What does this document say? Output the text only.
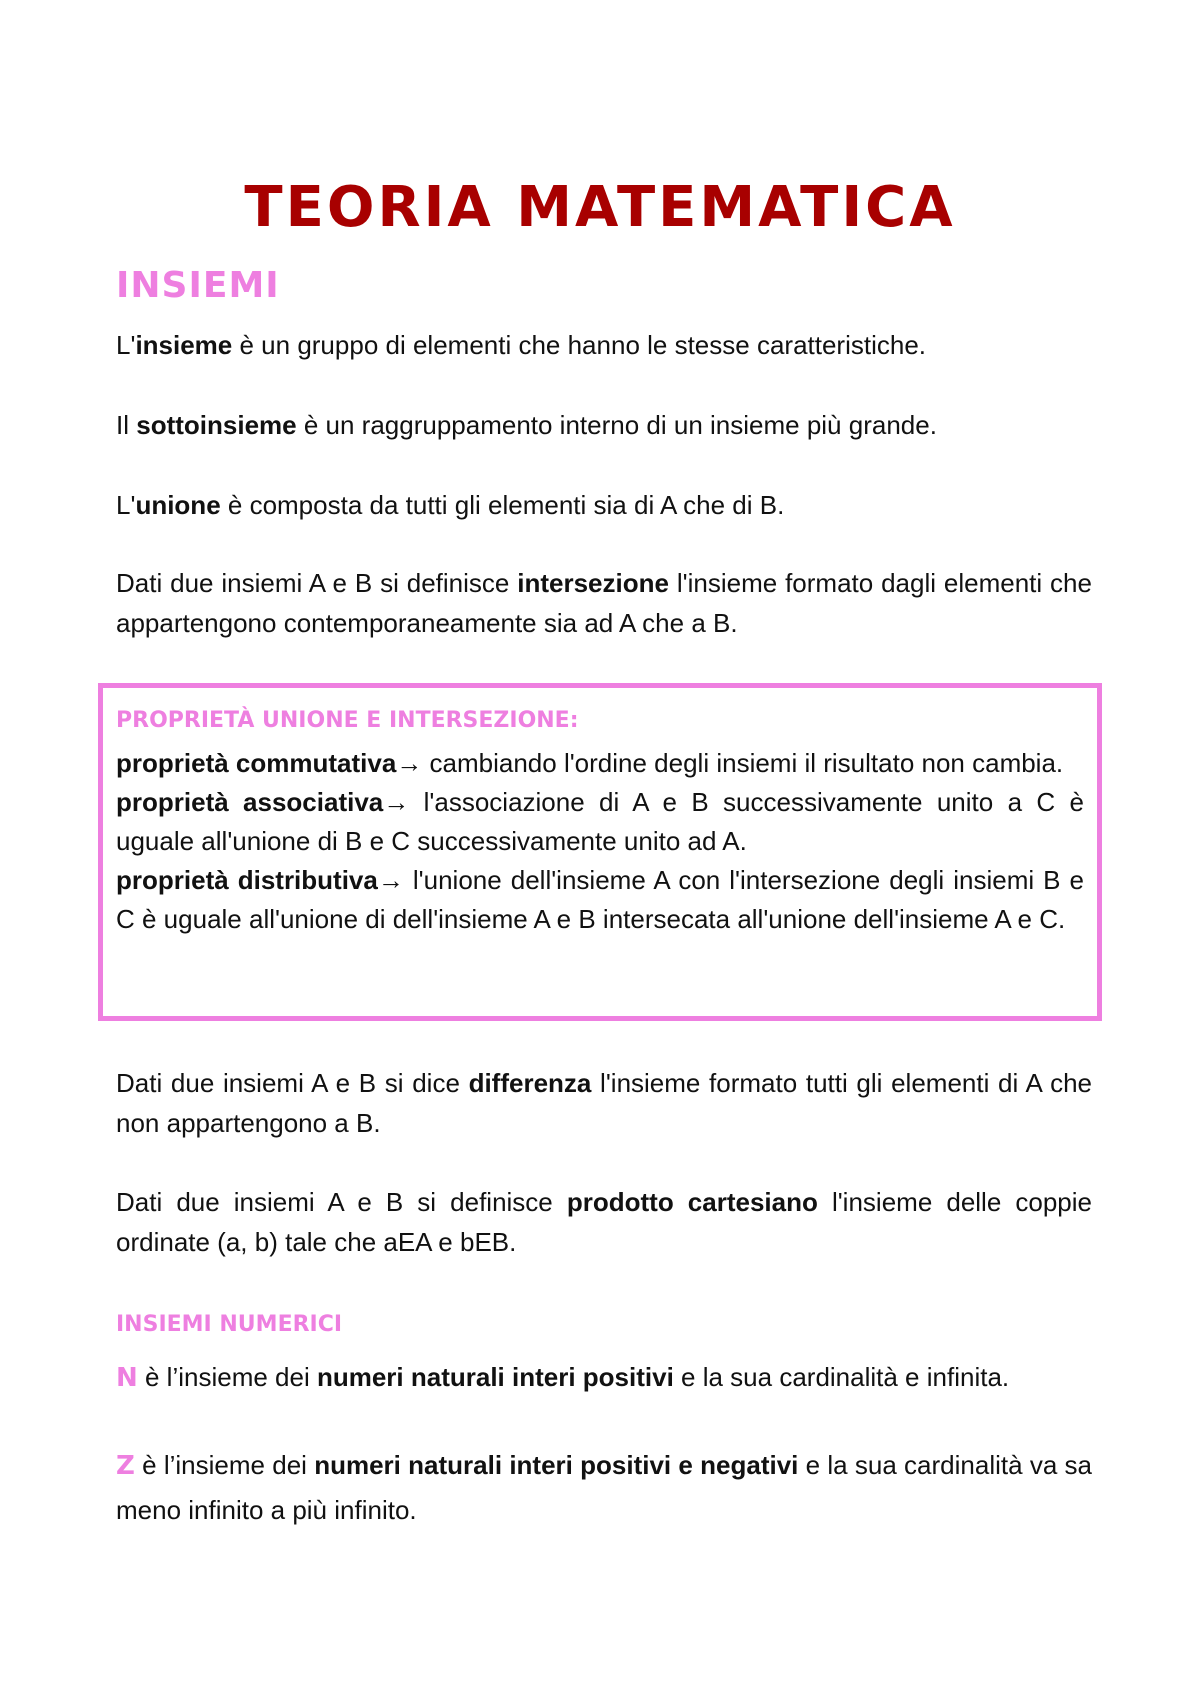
TEORIA MATEMATICA
INSIEMI
L'insieme è un gruppo di elementi che hanno le stesse caratteristiche.
Il sottoinsieme è un raggruppamento interno di un insieme più grande.
L'unione è composta da tutti gli elementi sia di A che di B.
Dati due insiemi A e B si definisce intersezione l'insieme formato dagli elementi che appartengono contemporaneamente sia ad A che a B.
PROPRIETÀ UNIONE E INTERSEZIONE:
proprietà commutativa→ cambiando l'ordine degli insiemi il risultato non cambia.
proprietà associativa→ l'associazione di A e B successivamente unito a C è uguale all'unione di B e C successivamente unito ad A.
proprietà distributiva→ l'unione dell'insieme A con l'intersezione degli insiemi B e C è uguale all'unione di dell'insieme A e B intersecata all'unione dell'insieme A e C.
Dati due insiemi A e B si dice differenza l'insieme formato tutti gli elementi di A che non appartengono a B.
Dati due insiemi A e B si definisce prodotto cartesiano l'insieme delle coppie ordinate (a, b) tale che aEA e bEB.
INSIEMI NUMERICI
N è l’insieme dei numeri naturali interi positivi e la sua cardinalità e infinita.
Z è l’insieme dei numeri naturali interi positivi e negativi e la sua cardinalità va sa meno infinito a più infinito.
